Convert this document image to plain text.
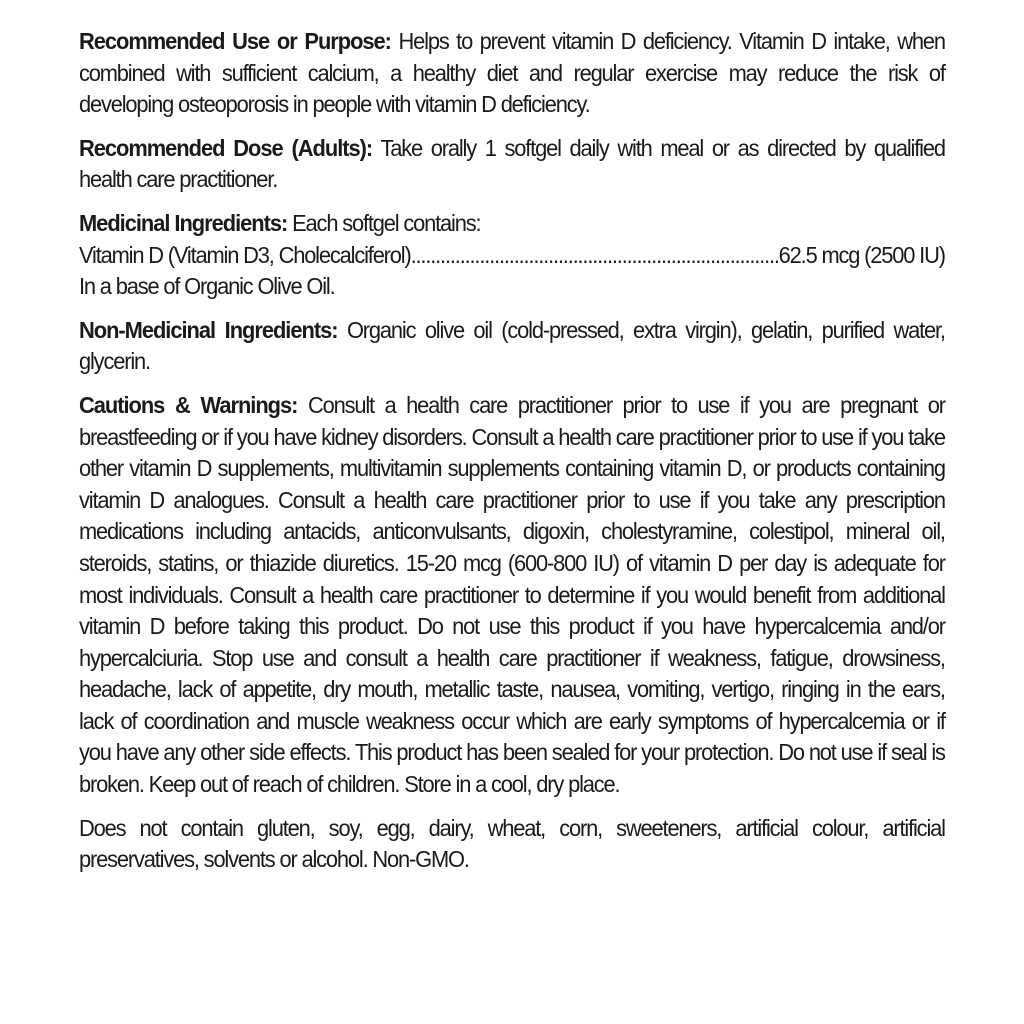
Recommended Use or Purpose: Helps to prevent vitamin D deficiency. Vitamin D intake, when combined with sufficient calcium, a healthy diet and regular exercise may reduce the risk of developing osteoporosis in people with vitamin D deficiency.

Recommended Dose (Adults): Take orally 1 softgel daily with meal or as directed by qualified health care practitioner.

Medicinal Ingredients: Each softgel contains:
Vitamin D (Vitamin D3, Cholecalciferol)
.....	62.5 mcg (2500 IU)
In a base of Organic Olive Oil.

Non-Medicinal Ingredients: Organic olive oil (cold-pressed, extra virgin), gelatin, purified water, glycerin.

Cautions & Warnings: Consult a health care practitioner prior to use if you are pregnant or breastfeeding or if you have kidney disorders. Consult a health care practitioner prior to use if you take other vitamin D supplements, multivitamin supplements containing vitamin D, or products containing vitamin D analogues. Consult a health care practitioner prior to use if you take any prescription medications including antacids, anticonvulsants, digoxin, cholestyramine, colestipol, mineral oil, steroids, statins, or thiazide diuretics. 15-20 mcg (600-800 IU) of vitamin D per day is adequate for most individuals. Consult a health care practitioner to determine if you would benefit from additional vitamin D before taking this product. Do not use this product if you have hypercalcemia and/or hypercalciuria. Stop use and consult a health care practitioner if weakness, fatigue, drowsiness, headache, lack of appetite, dry mouth, metallic taste, nausea, vomiting, vertigo, ringing in the ears, lack of coordination and muscle weakness occur which are early symptoms of hypercalcemia or if you have any other side effects. This product has been sealed for your protection. Do not use if seal is broken. Keep out of reach of children. Store in a cool, dry place.

Does not contain gluten, soy, egg, dairy, wheat, corn, sweeteners, artificial colour, artificial preservatives, solvents or alcohol. Non-GMO.
